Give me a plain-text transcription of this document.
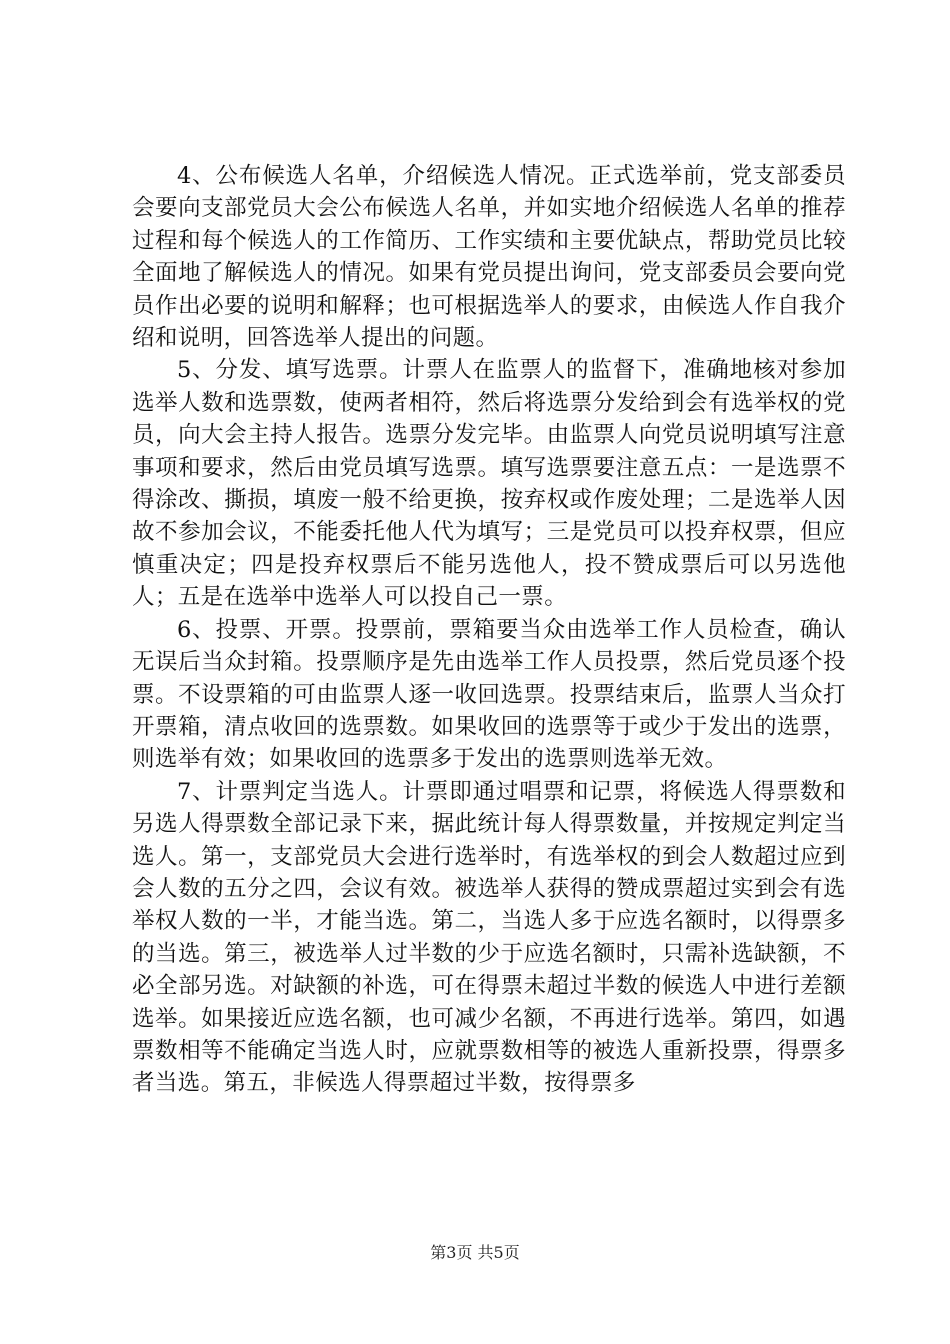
4、公布候选人名单，介绍候选人情况。正式选举前，党支部委员会要向支部党员大会公布候选人名单，并如实地介绍候选人名单的推荐过程和每个候选人的工作简历、工作实绩和主要优缺点，帮助党员比较全面地了解候选人的情况。如果有党员提出询问，党支部委员会要向党员作出必要的说明和解释；也可根据选举人的要求，由候选人作自我介绍和说明，回答选举人提出的问题。

5、分发、填写选票。计票人在监票人的监督下，准确地核对参加选举人数和选票数，使两者相符，然后将选票分发给到会有选举权的党员，向大会主持人报告。选票分发完毕。由监票人向党员说明填写注意事项和要求，然后由党员填写选票。填写选票要注意五点：一是选票不得涂改、撕损，填废一般不给更换，按弃权或作废处理；二是选举人因故不参加会议，不能委托他人代为填写；三是党员可以投弃权票，但应慎重决定；四是投弃权票后不能另选他人，投不赞成票后可以另选他人；五是在选举中选举人可以投自己一票。

6、投票、开票。投票前，票箱要当众由选举工作人员检查，确认无误后当众封箱。投票顺序是先由选举工作人员投票，然后党员逐个投票。不设票箱的可由监票人逐一收回选票。投票结束后，监票人当众打开票箱，清点收回的选票数。如果收回的选票等于或少于发出的选票，则选举有效；如果收回的选票多于发出的选票则选举无效。

7、计票判定当选人。计票即通过唱票和记票，将候选人得票数和另选人得票数全部记录下来，据此统计每人得票数量，并按规定判定当选人。第一，支部党员大会进行选举时，有选举权的到会人数超过应到会人数的五分之四，会议有效。被选举人获得的赞成票超过实到会有选举权人数的一半，才能当选。第二，当选人多于应选名额时，以得票多的当选。第三，被选举人过半数的少于应选名额时，只需补选缺额，不必全部另选。对缺额的补选，可在得票未超过半数的候选人中进行差额选举。如果接近应选名额，也可减少名额，不再进行选举。第四，如遇票数相等不能确定当选人时，应就票数相等的被选人重新投票，得票多者当选。第五，非候选人得票超过半数，按得票多

第3页 共5页
